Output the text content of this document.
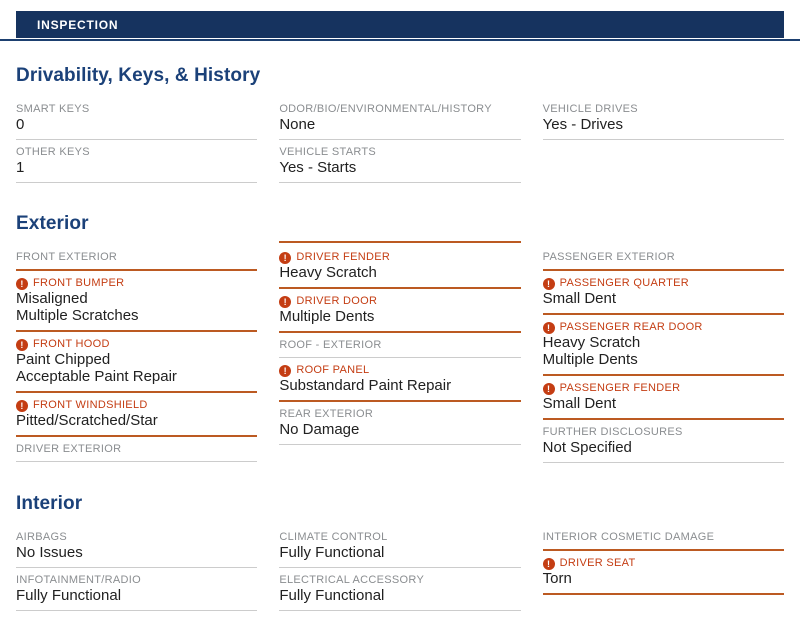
INSPECTION
Drivability, Keys, & History
SMART KEYS
0
OTHER KEYS
1
ODOR/BIO/ENVIRONMENTAL/HISTORY
None
VEHICLE STARTS
Yes - Starts
VEHICLE DRIVES
Yes - Drives
Exterior
FRONT EXTERIOR
! FRONT BUMPER
Misaligned
Multiple Scratches
! FRONT HOOD
Paint Chipped
Acceptable Paint Repair
! FRONT WINDSHIELD
Pitted/Scratched/Star
DRIVER EXTERIOR
! DRIVER FENDER
Heavy Scratch
! DRIVER DOOR
Multiple Dents
ROOF - EXTERIOR
! ROOF PANEL
Substandard Paint Repair
REAR EXTERIOR
No Damage
PASSENGER EXTERIOR
! PASSENGER QUARTER
Small Dent
! PASSENGER REAR DOOR
Heavy Scratch
Multiple Dents
! PASSENGER FENDER
Small Dent
FURTHER DISCLOSURES
Not Specified
Interior
AIRBAGS
No Issues
INFOTAINMENT/RADIO
Fully Functional
CLIMATE CONTROL
Fully Functional
ELECTRICAL ACCESSORY
Fully Functional
INTERIOR COSMETIC DAMAGE
! DRIVER SEAT
Torn
